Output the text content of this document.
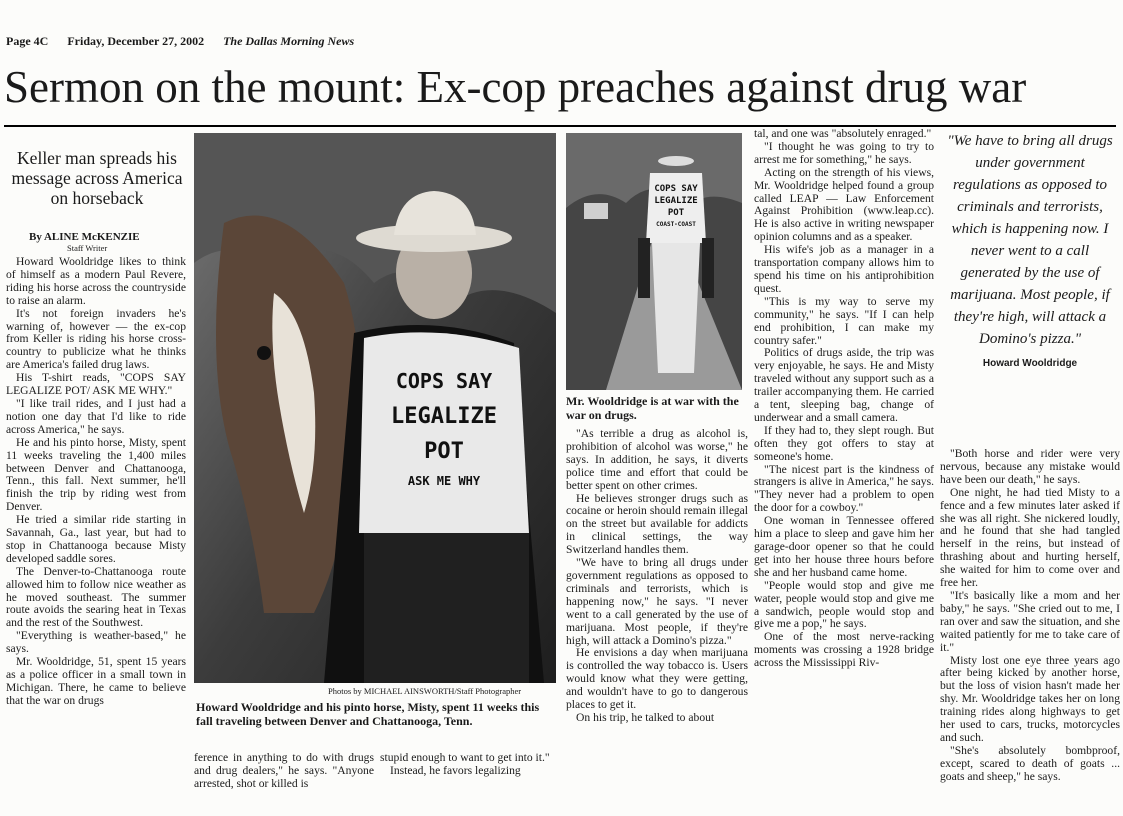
Page 4C Friday, December 27, 2002 The Dallas Morning News
Sermon on the mount: Ex-cop preaches against drug war
Keller man spreads his message across America on horseback
By ALINE McKENZIE
Staff Writer

Howard Wooldridge likes to think of himself as a modern Paul Revere, riding his horse across the countryside to raise an alarm.

It's not foreign invaders he's warning of, however — the ex-cop from Keller is riding his horse cross-country to publicize what he thinks are America's failed drug laws.

His T-shirt reads, "COPS SAY LEGALIZE POT/ ASK ME WHY."

"I like trail rides, and I just had a notion one day that I'd like to ride across America," he says.

He and his pinto horse, Misty, spent 11 weeks traveling the 1,400 miles between Denver and Chattanooga, Tenn., this fall. Next summer, he'll finish the trip by riding west from Denver.

He tried a similar ride starting in Savannah, Ga., last year, but had to stop in Chattanooga because Misty developed saddle sores.

The Denver-to-Chattanooga route allowed him to follow nice weather as he moved southeast. The summer route avoids the searing heat in Texas and the rest of the Southwest.

"Everything is weather-based," he says.

Mr. Wooldridge, 51, spent 15 years as a police officer in a small town in Michigan. There, he came to believe that the war on drugs

COPS SAY
LEGALIZE
POT
ASK ME WHY
Photos by MICHAEL AINSWORTH/Staff Photographer
Howard Wooldridge and his pinto horse, Misty, spent 11 weeks this fall traveling between Denver and Chattanooga, Tenn.

ference in anything to do with drugs and drug dealers," he says. "Anyone arrested, shot or killed is

stupid enough to want to get into it."

Instead, he favors legalizing

COPS SAY
LEGALIZE
POT
COAST-COAST
Mr. Wooldridge is at war with the war on drugs.

"As terrible a drug as alcohol is, prohibition of alcohol was worse," he says. In addition, he says, it diverts police time and effort that could be better spent on other crimes.

He believes stronger drugs such as cocaine or heroin should remain illegal on the street but available for addicts in clinical settings, the way Switzerland handles them.

"We have to bring all drugs under government regulations as opposed to criminals and terrorists, which is happening now," he says. "I never went to a call generated by the use of marijuana. Most people, if they're high, will attack a Domino's pizza."

He envisions a day when marijuana is controlled the way tobacco is. Users would know what they were getting, and wouldn't have to go to dangerous places to get it.

On his trip, he talked to about

tal, and one was "absolutely enraged."

"I thought he was going to try to arrest me for something," he says.

Acting on the strength of his views, Mr. Wooldridge helped found a group called LEAP — Law Enforcement Against Prohibition (www.leap.cc). He is also active in writing newspaper opinion columns and as a speaker.

His wife's job as a manager in a transportation company allows him to spend his time on his antiprohibition quest.

"This is my way to serve my community," he says. "If I can help end prohibition, I can make my country safer."

Politics of drugs aside, the trip was very enjoyable, he says. He and Misty traveled without any support such as a trailer accompanying them. He carried a tent, sleeping bag, change of underwear and a small camera.

If they had to, they slept rough. But often they got offers to stay at someone's home.

"The nicest part is the kindness of strangers is alive in America," he says. "They never had a problem to open the door for a cowboy."

One woman in Tennessee offered him a place to sleep and gave him her garage-door opener so that he could get into her house three hours before she and her husband came home.

"People would stop and give me water, people would stop and give me a sandwich, people would stop and give me a pop," he says.

One of the most nerve-racking moments was crossing a 1928 bridge across the Mississippi Riv-

"We have to bring all drugs under government regulations as opposed to criminals and terrorists, which is happening now. I never went to a call generated by the use of marijuana. Most people, if they're high, will attack a Domino's pizza."
Howard Wooldridge

"Both horse and rider were very nervous, because any mistake would have been our death," he says.

One night, he had tied Misty to a fence and a few minutes later asked if she was all right. She nickered loudly, and he found that she had tangled herself in the reins, but instead of thrashing about and hurting herself, she waited for him to come over and free her.

"It's basically like a mom and her baby," he says. "She cried out to me, I ran over and saw the situation, and she waited patiently for me to take care of it."

Misty lost one eye three years ago after being kicked by another horse, but the loss of vision hasn't made her shy. Mr. Wooldridge takes her on long training rides along highways to get her used to cars, trucks, motorcycles and such.

"She's absolutely bombproof, except, scared to death of goats ... goats and sheep," he says.
